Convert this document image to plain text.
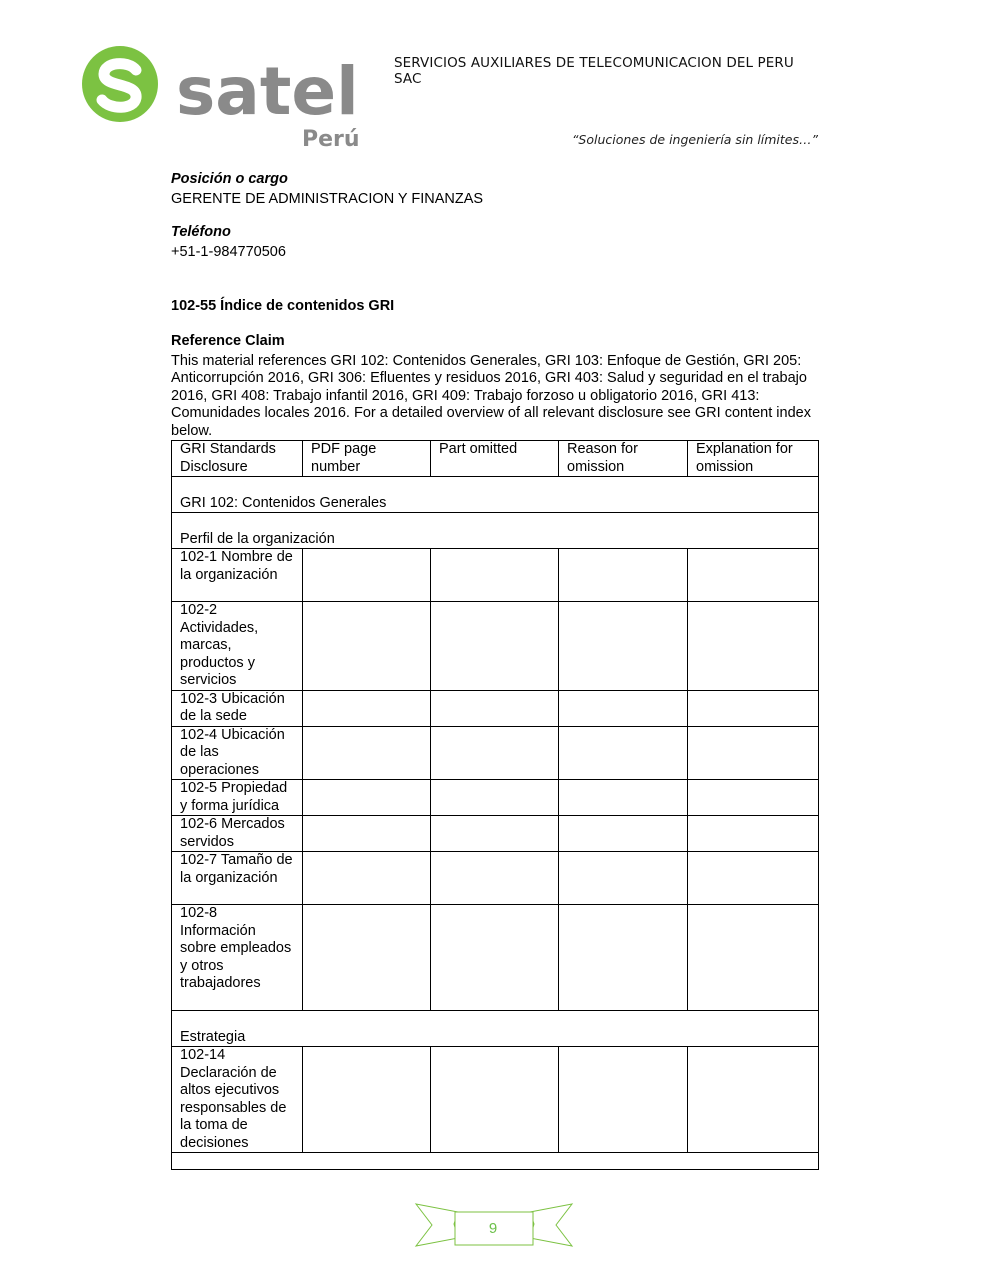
satel
Perú
SERVICIOS AUXILIARES DE TELECOMUNICACION DEL PERU SAC
“Soluciones de ingeniería sin límites…”
Posición o cargo
GERENTE DE ADMINISTRACION Y FINANZAS
Teléfono
+51-1-984770506
102-55 Índice de contenidos GRI
Reference Claim
This material references GRI 102: Contenidos Generales, GRI 103: Enfoque de Gestión, GRI 205: Anticorrupción 2016, GRI 306: Efluentes y residuos 2016, GRI 403: Salud y seguridad en el trabajo 2016, GRI 408: Trabajo infantil 2016, GRI 409: Trabajo forzoso u obligatorio 2016, GRI 413: Comunidades locales 2016. For a detailed overview of all relevant disclosure see GRI content index below.
GRI Standards Disclosure	PDF page number	Part omitted	Reason for omission	Explanation for omission
GRI 102: Contenidos Generales				
Perfil de la organización				
102-1 Nombre de la organización				
102-2 Actividades, marcas, productos y servicios				
102-3 Ubicación de la sede				
102-4 Ubicación de las operaciones				
102-5 Propiedad y forma jurídica				
102-6 Mercados servidos				
102-7 Tamaño de la organización				
102-8 Información sobre empleados y otros trabajadores				
Estrategia				
102-14 Declaración de altos ejecutivos responsables de la toma de decisiones				

9
